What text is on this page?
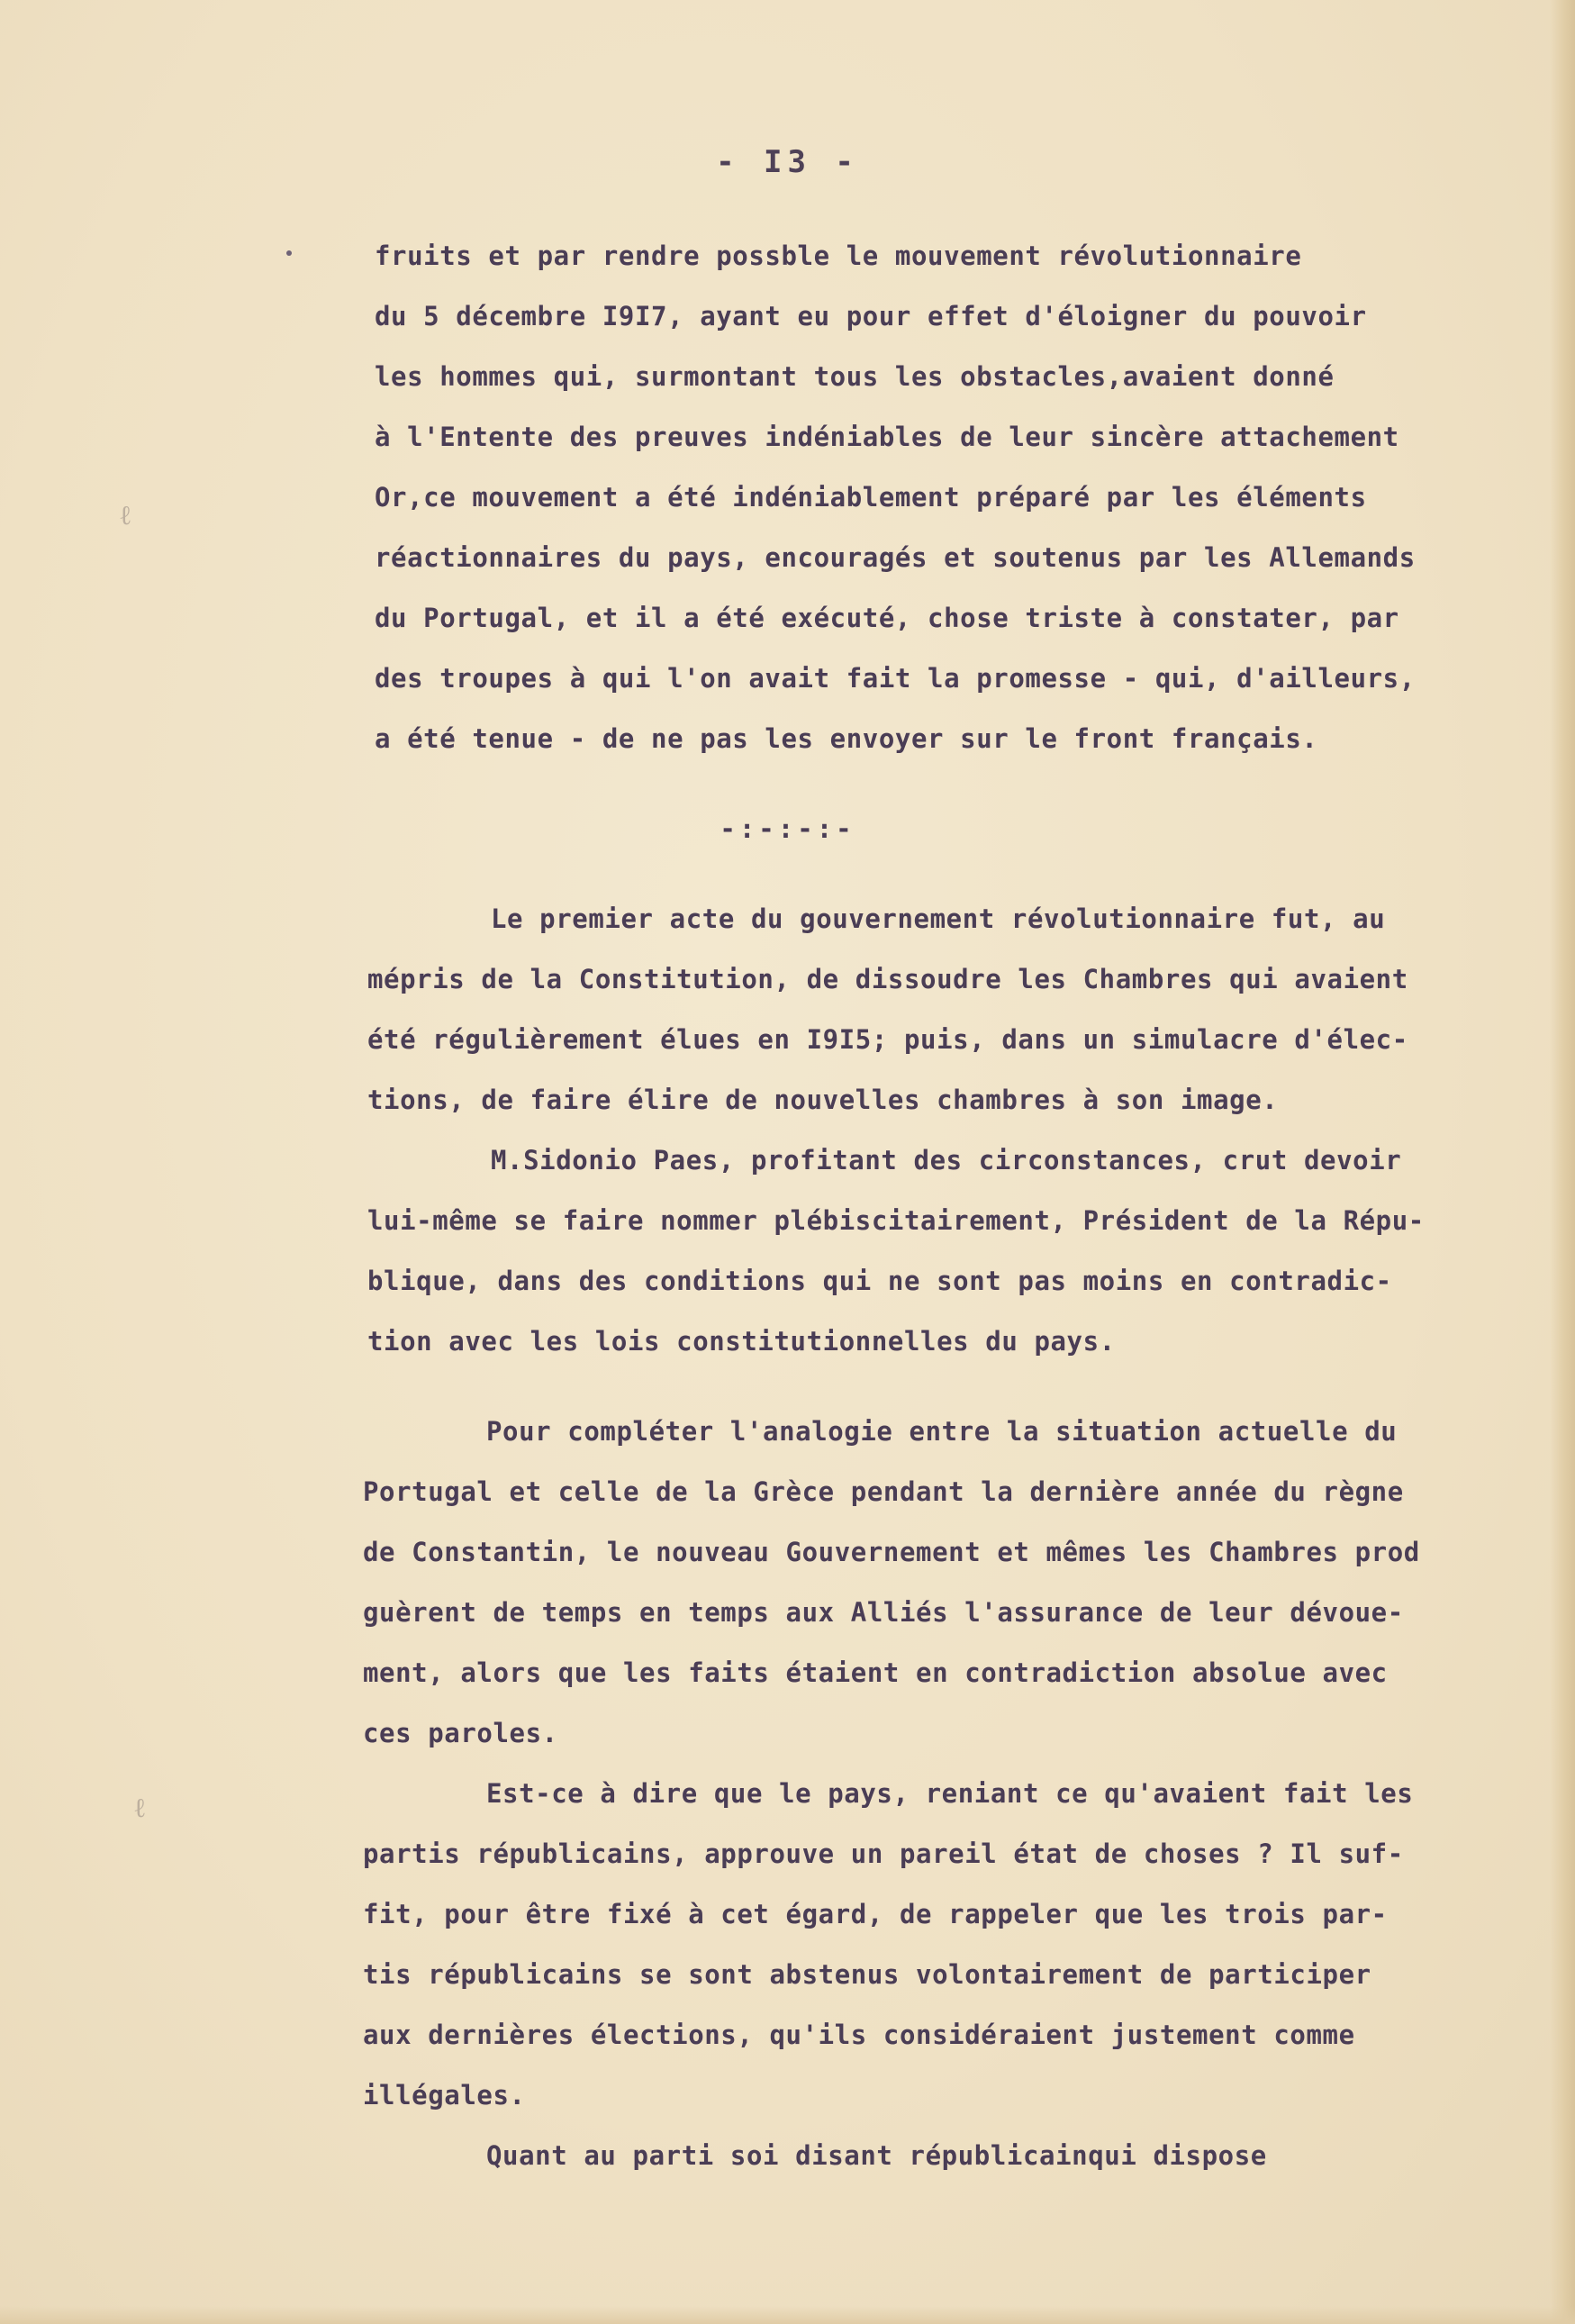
ℓ
ℓ

- I3 -

fruits et par rendre possble le mouvement révolutionnaire

du 5 décembre I9I7, ayant eu pour effet d'éloigner du pouvoir

les hommes qui, surmontant tous les obstacles,avaient donné

à l'Entente des preuves indéniables de leur sincère attachement

Or,ce mouvement a été indéniablement préparé par les éléments

réactionnaires du pays, encouragés et soutenus par les Allemands

du Portugal, et il a été exécuté, chose triste à constater, par

des troupes à qui l'on avait fait la promesse - qui, d'ailleurs,

a été tenue - de ne pas les envoyer sur le front français.

-:-:-:-

Le premier acte du gouvernement révolutionnaire fut, au

mépris de la Constitution, de dissoudre les Chambres qui avaient

été régulièrement élues en I9I5; puis, dans un simulacre d'élec-

tions, de faire élire de nouvelles chambres à son image.

M.Sidonio Paes, profitant des circonstances, crut devoir

lui-même se faire nommer plébiscitairement, Président de la Répu-

blique, dans des conditions qui ne sont pas moins en contradic-

tion avec les lois constitutionnelles du pays.

Pour compléter l'analogie entre la situation actuelle du

Portugal et celle de la Grèce pendant la dernière année du règne

de Constantin, le nouveau Gouvernement et mêmes les Chambres prod

guèrent de temps en temps aux Alliés l'assurance de leur dévoue-

ment, alors que les faits étaient en contradiction absolue avec

ces paroles.

Est-ce à dire que le pays, reniant ce qu'avaient fait les

partis républicains, approuve un pareil état de choses ? Il suf-

fit, pour être fixé à cet égard, de rappeler que les trois par-

tis républicains se sont abstenus volontairement de participer

aux dernières élections, qu'ils considéraient justement comme

illégales.

Quant au parti soi disant républicainqui dispose
